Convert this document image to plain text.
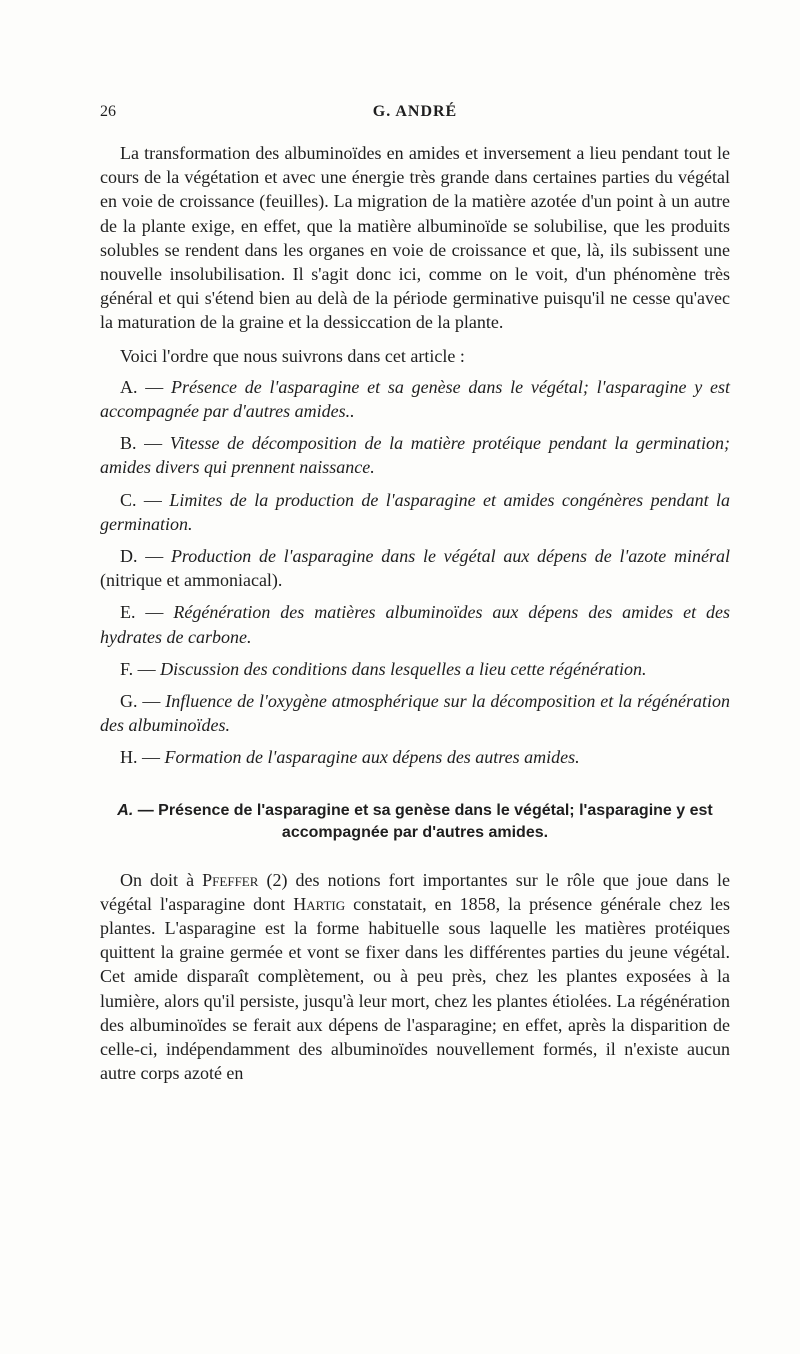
26	G. ANDRÉ

La transformation des albuminoïdes en amides et inversement a lieu pendant tout le cours de la végétation et avec une énergie très grande dans certaines parties du végétal en voie de croissance (feuilles). La migration de la matière azotée d'un point à un autre de la plante exige, en effet, que la matière albuminoïde se solubilise, que les produits solubles se rendent dans les organes en voie de croissance et que, là, ils subissent une nouvelle insolubilisation. Il s'agit donc ici, comme on le voit, d'un phénomène très général et qui s'étend bien au delà de la période germinative puisqu'il ne cesse qu'avec la maturation de la graine et la dessiccation de la plante.

Voici l'ordre que nous suivrons dans cet article :

A. — Présence de l'asparagine et sa genèse dans le végétal; l'asparagine y est accompagnée par d'autres amides..

B. — Vitesse de décomposition de la matière protéique pendant la germination; amides divers qui prennent naissance.

C. — Limites de la production de l'asparagine et amides congénères pendant la germination.

D. — Production de l'asparagine dans le végétal aux dépens de l'azote minéral (nitrique et ammoniacal).

E. — Régénération des matières albuminoïdes aux dépens des amides et des hydrates de carbone.

F. — Discussion des conditions dans lesquelles a lieu cette régénération.

G. — Influence de l'oxygène atmosphérique sur la décomposition et la régénération des albuminoïdes.

H. — Formation de l'asparagine aux dépens des autres amides.

A. — Présence de l'asparagine et sa genèse dans le végétal; l'asparagine y est accompagnée par d'autres amides.

On doit à Pfeffer (2) des notions fort importantes sur le rôle que joue dans le végétal l'asparagine dont Hartig constatait, en 1858, la présence générale chez les plantes. L'asparagine est la forme habituelle sous laquelle les matières protéiques quittent la graine germée et vont se fixer dans les différentes parties du jeune végétal. Cet amide disparaît complètement, ou à peu près, chez les plantes exposées à la lumière, alors qu'il persiste, jusqu'à leur mort, chez les plantes étiolées. La régénération des albuminoïdes se ferait aux dépens de l'asparagine; en effet, après la disparition de celle-ci, indépendamment des albuminoïdes nouvellement formés, il n'existe aucun autre corps azoté en
